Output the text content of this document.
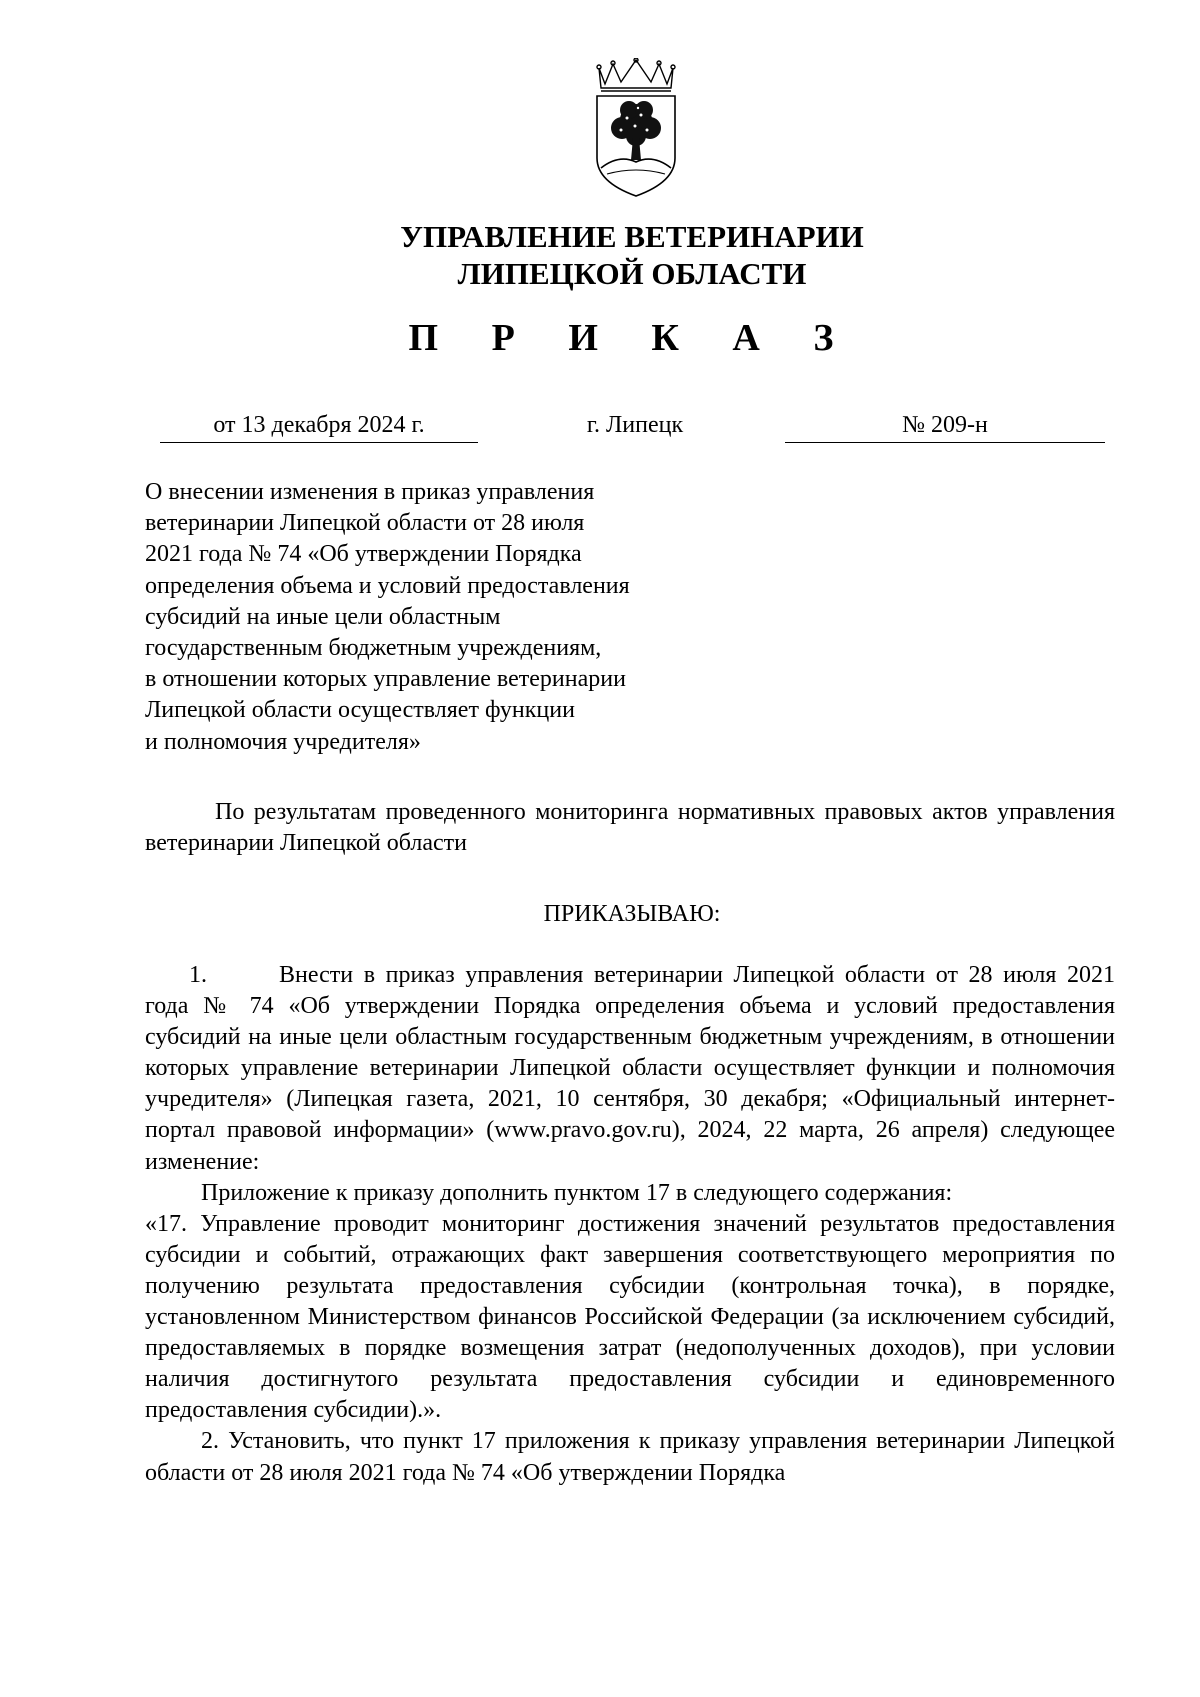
УПРАВЛЕНИЕ ВЕТЕРИНАРИИ
ЛИПЕЦКОЙ ОБЛАСТИ
П Р И К А З
от 13 декабря 2024 г.	г. Липецк	№ 209-н
О внесении изменения в приказ управления
ветеринарии Липецкой области от 28 июля
2021 года № 74 «Об утверждении Порядка
определения объема и условий предоставления
субсидий на иные цели областным
государственным бюджетным учреждениям,
в отношении которых управление ветеринарии
Липецкой области осуществляет функции
и полномочия учредителя»
По результатам проведенного мониторинга нормативных правовых актов управления ветеринарии Липецкой области
ПРИКАЗЫВАЮ:

1.	Внести в приказ управления ветеринарии Липецкой области от 28 июля 2021 года № 74 «Об утверждении Порядка определения объема и условий предоставления субсидий на иные цели областным государственным бюджетным учреждениям, в отношении которых управление ветеринарии Липецкой области осуществляет функции и полномочия учредителя» (Липецкая газета, 2021, 10 сентября, 30 декабря; «Официальный интернет-портал правовой информации» (www.pravo.gov.ru), 2024, 22 марта, 26 апреля) следующее изменение:

Приложение к приказу дополнить пунктом 17 в следующего содержания:

«17. Управление проводит мониторинг достижения значений результатов предоставления субсидии и событий, отражающих факт завершения соответствующего мероприятия по получению результата предоставления субсидии (контрольная точка), в порядке, установленном Министерством финансов Российской Федерации (за исключением субсидий, предоставляемых в порядке возмещения затрат (недополученных доходов), при условии наличия достигнутого результата предоставления субсидии и единовременного предоставления субсидии).».

2. Установить, что пункт 17 приложения к приказу управления ветеринарии Липецкой области от 28 июля 2021 года № 74 «Об утверждении Порядка
